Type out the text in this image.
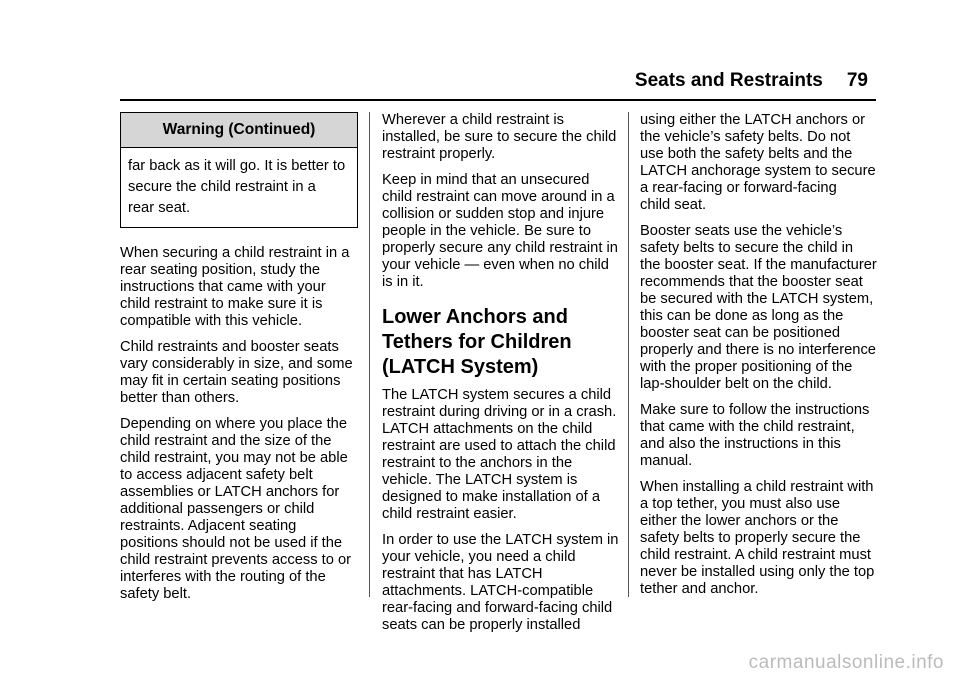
Seats and Restraints 79
Warning (Continued)
far back as it will go. It is better to
secure the child restraint in a
rear seat.

When securing a child restraint in a
rear seating position, study the
instructions that came with your
child restraint to make sure it is
compatible with this vehicle.

Child restraints and booster seats
vary considerably in size, and some
may fit in certain seating positions
better than others.

Depending on where you place the
child restraint and the size of the
child restraint, you may not be able
to access adjacent safety belt
assemblies or LATCH anchors for
additional passengers or child
restraints. Adjacent seating
positions should not be used if the
child restraint prevents access to or
interferes with the routing of the
safety belt.

Wherever a child restraint is
installed, be sure to secure the child
restraint properly.

Keep in mind that an unsecured
child restraint can move around in a
collision or sudden stop and injure
people in the vehicle. Be sure to
properly secure any child restraint in
your vehicle — even when no child
is in it.

Lower Anchors and
Tethers for Children
(LATCH System)

The LATCH system secures a child
restraint during driving or in a crash.
LATCH attachments on the child
restraint are used to attach the child
restraint to the anchors in the
vehicle. The LATCH system is
designed to make installation of a
child restraint easier.

In order to use the LATCH system in
your vehicle, you need a child
restraint that has LATCH
attachments. LATCH-compatible
rear-facing and forward-facing child
seats can be properly installed

using either the LATCH anchors or
the vehicle’s safety belts. Do not
use both the safety belts and the
LATCH anchorage system to secure
a rear-facing or forward-facing
child seat.

Booster seats use the vehicle’s
safety belts to secure the child in
the booster seat. If the manufacturer
recommends that the booster seat
be secured with the LATCH system,
this can be done as long as the
booster seat can be positioned
properly and there is no interference
with the proper positioning of the
lap-shoulder belt on the child.

Make sure to follow the instructions
that came with the child restraint,
and also the instructions in this
manual.

When installing a child restraint with
a top tether, you must also use
either the lower anchors or the
safety belts to properly secure the
child restraint. A child restraint must
never be installed using only the top
tether and anchor.

carmanualsonline.info
